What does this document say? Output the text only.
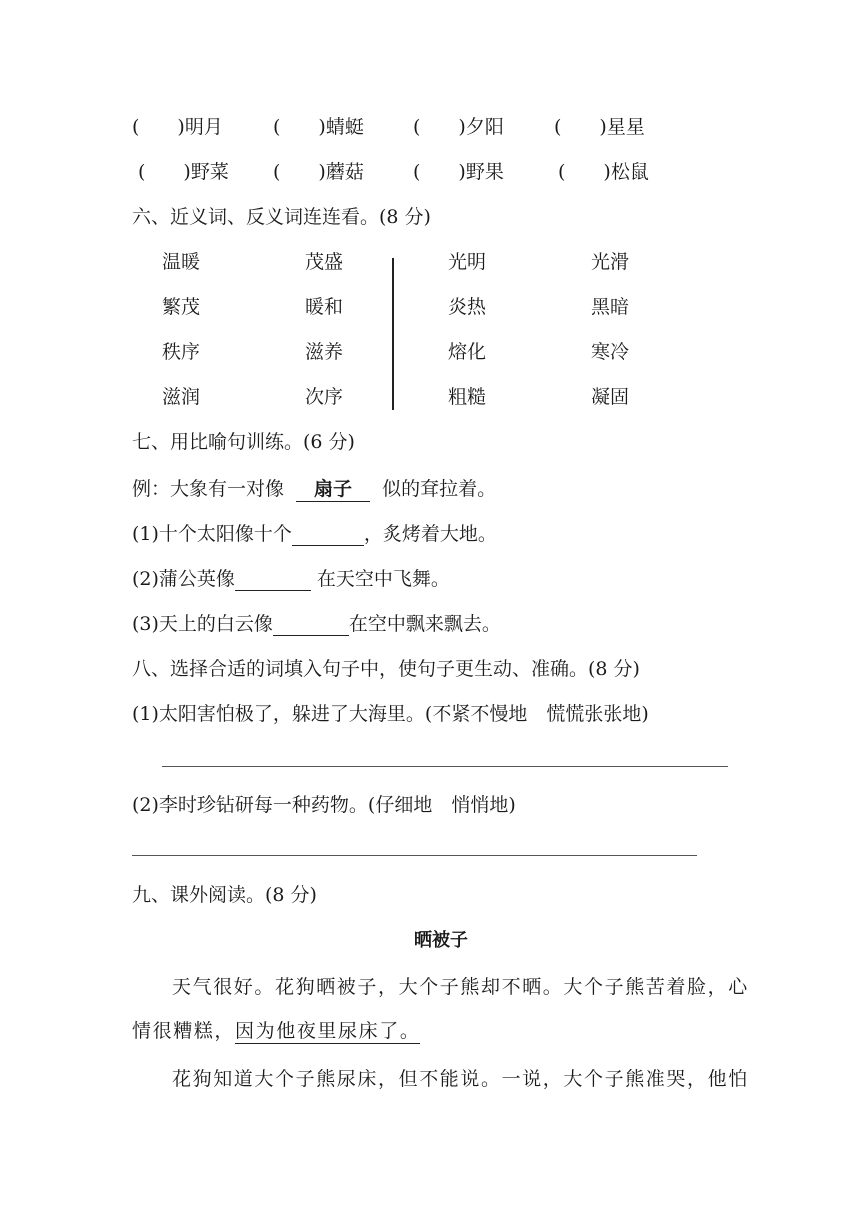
(　　)明月	(　　)蜻蜓	(　　)夕阳	(　　)星星
(　　)野菜 (　　)蘑菇	(　　)野果	(　　)松鼠
六、近义词、反义词连连看。(8 分)
温暖	茂盛	光明	光滑
繁茂	暖和	炎热	黑暗
秩序	滋养	熔化	寒冷
滋润	次序	粗糙	凝固
七、用比喻句训练。(6 分)
例：大象有一对像 扇子 似的耷拉着。
(1)十个太阳像十个	，炙烤着大地。
(2)蒲公英像	在天空中飞舞。
(3)天上的白云像	在空中飘来飘去。
八、选择合适的词填入句子中，使句子更生动、准确。(8 分)
(1)太阳害怕极了，躲进了大海里。(不紧不慢地　慌慌张张地)
(2)李时珍钻研每一种药物。(仔细地　悄悄地)
九、课外阅读。(8 分)
晒被子
天气很好。花狗晒被子，大个子熊却不晒。大个子熊苦着脸，心
情很糟糕，因为他夜里尿床了。
花狗知道大个子熊尿床，但不能说。一说，大个子熊准哭，他怕
